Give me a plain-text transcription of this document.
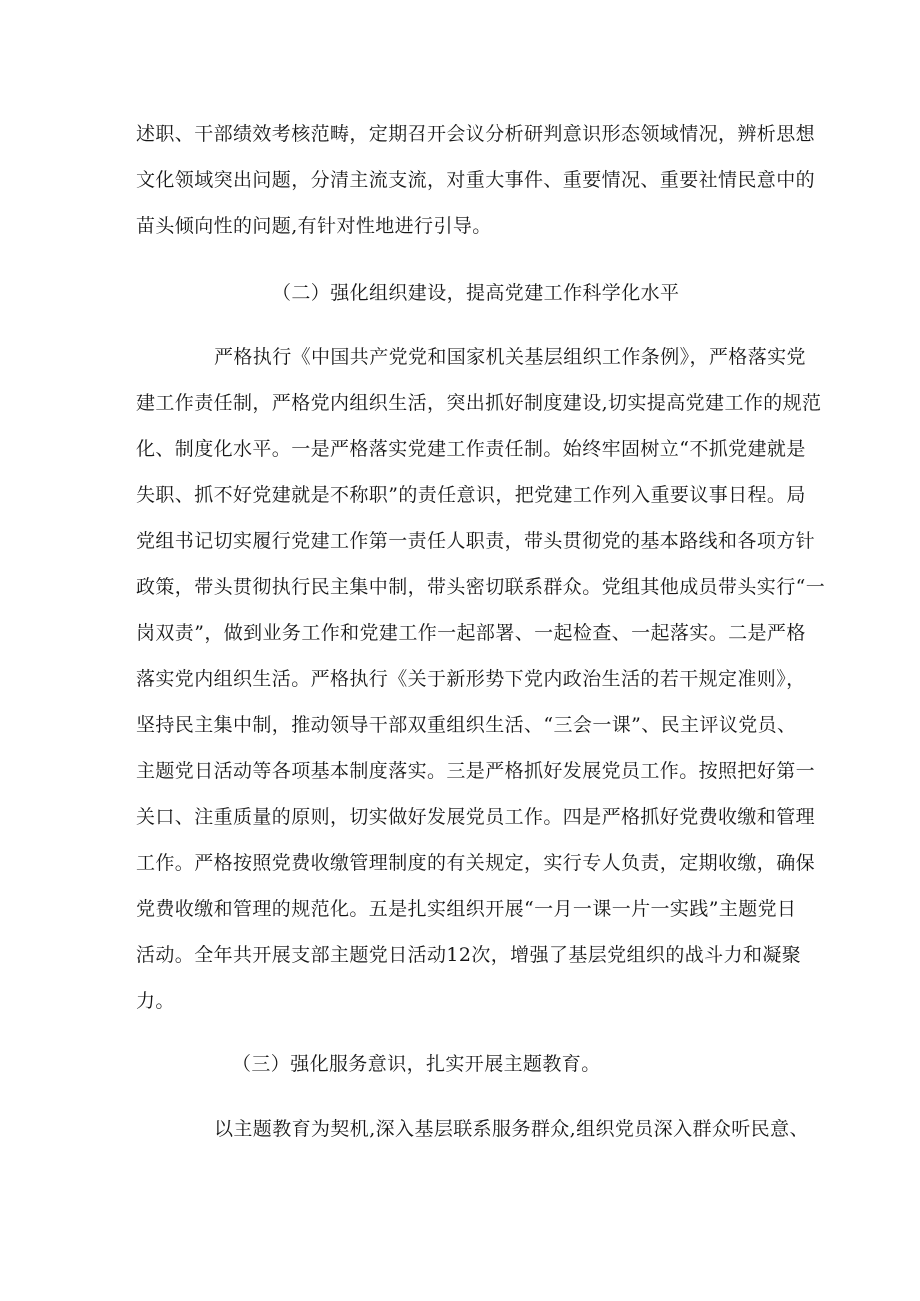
述职、干部绩效考核范畴，定期召开会议分析研判意识形态领域情况，辨析思想
文化领域突出问题，分清主流支流，对重大事件、重要情况、重要社情民意中的
苗头倾向性的问题,有针对性地进行引导。
（二）强化组织建设，提高党建工作科学化水平
严格执行《中国共产党党和国家机关基层组织工作条例》，严格落实党
建工作责任制，严格党内组织生活，突出抓好制度建设,切实提高党建工作的规范
化、制度化水平。一是严格落实党建工作责任制。始终牢固树立“不抓党建就是
失职、抓不好党建就是不称职”的责任意识，把党建工作列入重要议事日程。局
党组书记切实履行党建工作第一责任人职责，带头贯彻党的基本路线和各项方针
政策，带头贯彻执行民主集中制，带头密切联系群众。党组其他成员带头实行“一
岗双责”，做到业务工作和党建工作一起部署、一起检查、一起落实。二是严格
落实党内组织生活。严格执行《关于新形势下党内政治生活的若干规定准则》，
坚持民主集中制，推动领导干部双重组织生活、“三会一课”、民主评议党员、
主题党日活动等各项基本制度落实。三是严格抓好发展党员工作。按照把好第一
关口、注重质量的原则，切实做好发展党员工作。四是严格抓好党费收缴和管理
工作。严格按照党费收缴管理制度的有关规定，实行专人负责，定期收缴，确保
党费收缴和管理的规范化。五是扎实组织开展“一月一课一片一实践”主题党日
活动。全年共开展支部主题党日活动12次，增强了基层党组织的战斗力和凝聚
力。
（三）强化服务意识，扎实开展主题教育。
以主题教育为契机,深入基层联系服务群众,组织党员深入群众听民意、
